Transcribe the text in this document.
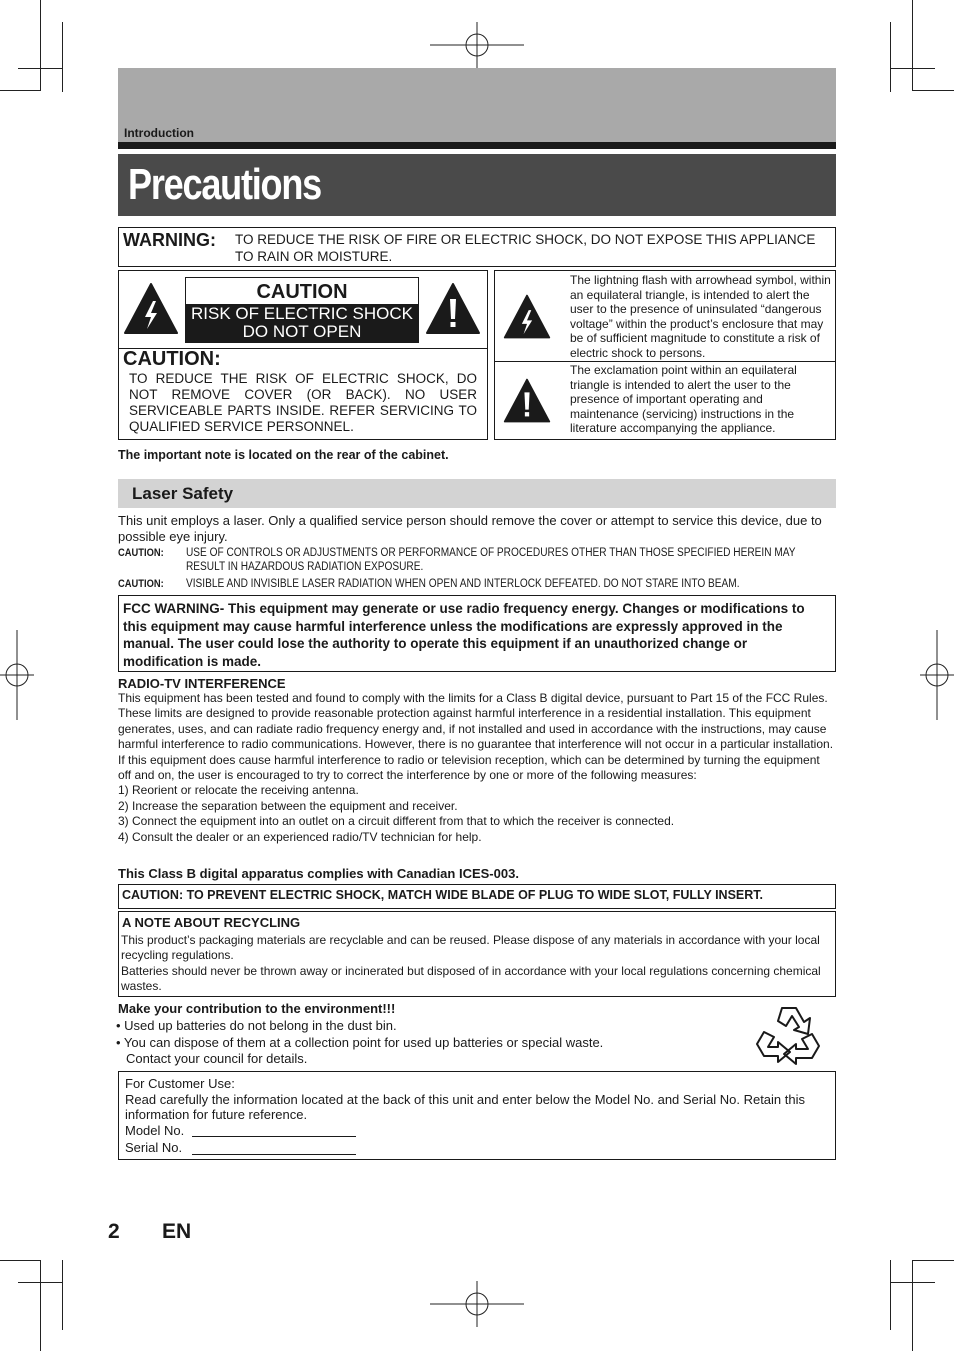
Introduction
Precautions
WARNING: TO REDUCE THE RISK OF FIRE OR ELECTRIC SHOCK, DO NOT EXPOSE THIS APPLIANCE TO RAIN OR MOISTURE.
CAUTION
RISK OF ELECTRIC SHOCK
DO NOT OPEN
CAUTION:
TO REDUCE THE RISK OF ELECTRIC SHOCK, DO NOT REMOVE COVER (OR BACK). NO USER SERVICEABLE PARTS INSIDE. REFER SERVICING TO QUALIFIED SERVICE PERSONNEL.
The lightning flash with arrowhead symbol, within an equilateral triangle, is intended to alert the user to the presence of uninsulated “dangerous voltage” within the product’s enclosure that may be of sufficient magnitude to constitute a risk of electric shock to persons.
The exclamation point within an equilateral triangle is intended to alert the user to the presence of important operating and maintenance (servicing) instructions in the literature accompanying the appliance.
The important note is located on the rear of the cabinet.
Laser Safety
This unit employs a laser. Only a qualified service person should remove the cover or attempt to service this device, due to possible eye injury.
CAUTION: USE OF CONTROLS OR ADJUSTMENTS OR PERFORMANCE OF PROCEDURES OTHER THAN THOSE SPECIFIED HEREIN MAY RESULT IN HAZARDOUS RADIATION EXPOSURE.
CAUTION: VISIBLE AND INVISIBLE LASER RADIATION WHEN OPEN AND INTERLOCK DEFEATED. DO NOT STARE INTO BEAM.
FCC WARNING- This equipment may generate or use radio frequency energy. Changes or modifications to this equipment may cause harmful interference unless the modifications are expressly approved in the manual. The user could lose the authority to operate this equipment if an unauthorized change or modification is made.
RADIO-TV INTERFERENCE
This equipment has been tested and found to comply with the limits for a Class B digital device, pursuant to Part 15 of the FCC Rules. These limits are designed to provide reasonable protection against harmful interference in a residential installation. This equipment generates, uses, and can radiate radio frequency energy and, if not installed and used in accordance with the instructions, may cause harmful interference to radio communications. However, there is no guarantee that interference will not occur in a particular installation. If this equipment does cause harmful interference to radio or television reception, which can be determined by turning the equipment off and on, the user is encouraged to try to correct the interference by one or more of the following measures:
1) Reorient or relocate the receiving antenna.
2) Increase the separation between the equipment and receiver.
3) Connect the equipment into an outlet on a circuit different from that to which the receiver is connected.
4) Consult the dealer or an experienced radio/TV technician for help.
This Class B digital apparatus complies with Canadian ICES-003.
CAUTION: TO PREVENT ELECTRIC SHOCK, MATCH WIDE BLADE OF PLUG TO WIDE SLOT, FULLY INSERT.
A NOTE ABOUT RECYCLING
This product’s packaging materials are recyclable and can be reused. Please dispose of any materials in accordance with your local recycling regulations.
Batteries should never be thrown away or incinerated but disposed of in accordance with your local regulations concerning chemical wastes.
Make your contribution to the environment!!!
• Used up batteries do not belong in the dust bin.
• You can dispose of them at a collection point for used up batteries or special waste.
Contact your council for details.
For Customer Use:
Read carefully the information located at the back of this unit and enter below the Model No. and Serial No. Retain this information for future reference.
Model No.
Serial No.
2 EN
